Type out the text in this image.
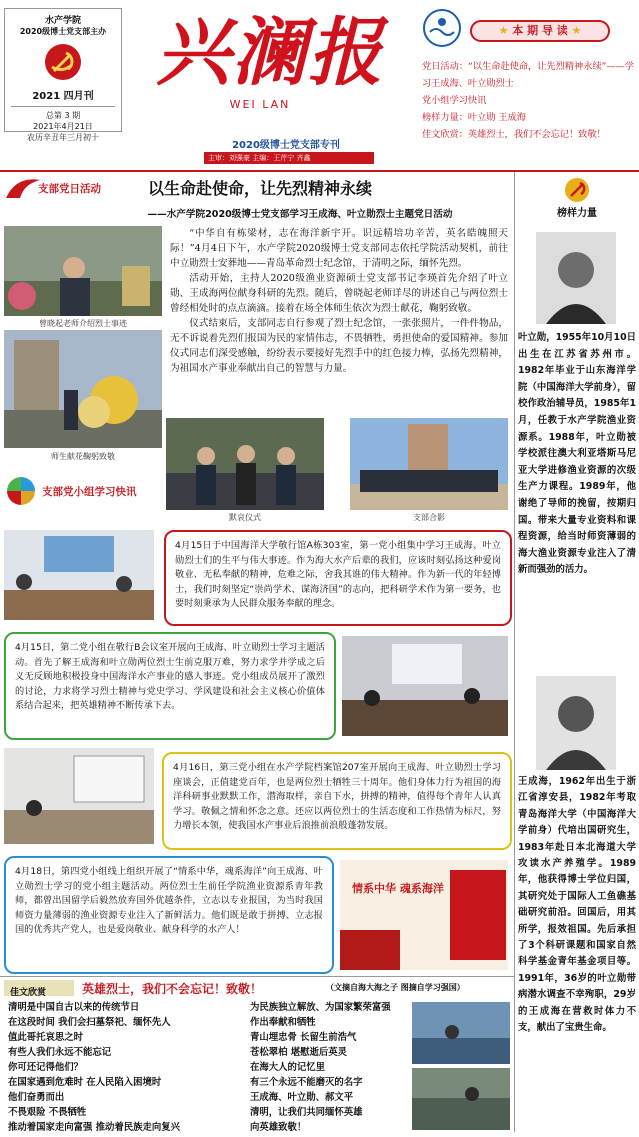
水产学院
2020级博士党支部主办
2021 四月刊
总第 3 期
2021年4月21日
农历辛丑年三月初十
兴澜报
WEI LAN
2020级博士党支部专刊
主审：刘强豪 主编：王芹宁 齐鑫
★ 本 期 导 读 ★
党日活动：“以生命赴使命，让先烈精神永续”——学习王成海、叶立勋烈士
党小组学习快讯
榜样力量：叶立勋 王成海
佳文欣赏：英雄烈士，我们不会忘记！致敬！
支部党日活动	以生命赴使命，让先烈精神永续
——水产学院2020级博士党支部学习王成海、叶立勋烈士主题党日活动
曾晓起老师介绍烈士事迹
师生献花鞠躬致敬

“中华自有栋梁材，志在海洋新宇开。识远精培功辛苦，英名皓魄照天际！”4月4日下午，水产学院2020级博士党支部同志依托学院活动契机，前往中立勋烈士安葬地——青岛革命烈士纪念馆，于清明之际，缅怀先烈。

活动开始，主持人2020级渔业资源硕士党支部书记李瑛首先介绍了叶立勋、王成海两位献身科研的先烈。随后，曾晓起老师详尽的讲述自己与两位烈士曾经相处时的点点滴滴。接着在场全体师生依次为烈士献花，鞠躬致敬。

仪式结束后，支部同志自行参观了烈士纪念馆，一张张照片，一件件物品，无不诉说着先烈们报国为民的家情伟志，不畏牺牲，勇担使命的爱国精神。参加仪式同志们深受感触，纷纷表示要接好先烈手中的红色接力棒，弘扬先烈精神，为祖国水产事业奉献出自己的智慧与力量。

默哀仪式	支部合影
支部党小组学习快讯
4月15日于中国海洋大学敬行馆A栋303室，第一党小组集中学习王成海、叶立勋烈士们的生平与伟大事迹。作为海大水产后辈的我们，应该时刻弘扬这种爱岗敬业、无私奉献的精神，危难之际，舍我其谁的伟大精神。作为新一代的年轻博士，我们时刻坚定“崇尚学术、谋海济国”的志向，把科研学术作为第一要务，也要时刻秉承为人民群众服务奉献的理念。
4月15日，第二党小组在敬行B会议室开展向王成海、叶立勋烈士学习主题活动。首先了解王成海和叶立勋两位烈士生前克服万难，努力求学并学成之后义无反顾地积极投身中国海洋水产事业的感人事迹。党小组成员展开了激烈的讨论，力求将学习烈士精神与党史学习、学风建设和社会主义核心价值体系结合起来，把英雄精神不断传承下去。
4月16日，第三党小组在水产学院档案馆207室开展向王成海、叶立勋烈士学习座谈会，正值建党百年，也是两位烈士牺牲三十周年。他们身体力行为祖国的海洋科研事业默默工作，潜海取样，亲自下水，拼搏的精神，值得每个青年人认真学习。敬佩之情和怀念之意。还应以两位烈士的生活态度和工作热情为标尺，努力增长本领，使我国水产事业后浪推前浪般蓬勃发展。
4月18日，第四党小组线上组织开展了“情系中华，魂系海洋”向王成海、叶立勋烈士学习的党小组主题活动。两位烈士生前任学院渔业资源系青年教师，都曾出国留学后毅然放弃国外优越条件，立志以专业报国，为当时我国师资力量薄弱的渔业资源专业注入了新鲜活力。他们既是敢于拼搏、立志报国的优秀共产党人，也是爱岗敬业、献身科学的水产人！
情系中华 魂系海洋
榜样力量
叶立勋，1955年10月10日出生在江苏省苏州市。1982年毕业于山东海洋学院（中国海洋大学前身），留校作政治辅导员，1985年1月，任教于水产学院渔业资源系。1988年，叶立勋被学校派往澳大利亚塔斯马尼亚大学进修渔业资源的次级生产力课程。1989年，他谢绝了导师的挽留，按期归国。带来大量专业资料和课程资源，给当时师资薄弱的海大渔业资源专业注入了清新而强劲的活力。
王成海，1962年出生于浙江省淳安县，1982年考取青岛海洋大学（中国海洋大学前身）代培出国研究生，1983年赴日本北海道大学攻读水产养殖学。1989年，他获得博士学位归国，其研究处于国际人工鱼礁基础研究前沿。回国后，用其所学，报效祖国。先后承担了3个科研课题和国家自然科学基金青年基金项目等。1991年，36岁的叶立勋带病潜水调查不幸殉职，29岁的王成海在营救时体力不支，献出了宝贵生命。
佳文欣赏	英雄烈士，我们不会忘记！致敬！	（文摘自海大海之子 图摘自学习强国）
清明是中国自古以来的传统节日
在这段时间 我们会扫墓祭祀、缅怀先人
值此哥托哀思之时
有些人我们永远不能忘记
你可还记得他们？
在国家遇到危难时 在人民陷入困境时
他们奋勇而出
不畏艰险 不畏牺牲
推动着国家走向富强 推动着民族走向复兴
为民族独立解放、为国家繁荣富强
作出奉献和牺牲
青山埋忠骨 长留生前浩气
苍松翠柏 堪慰逝后英灵
在海大人的记忆里
有三个永远不能磨灭的名字
王成海、叶立勋、郝文平
清明，让我们共同缅怀英雄
向英雄致敬！
